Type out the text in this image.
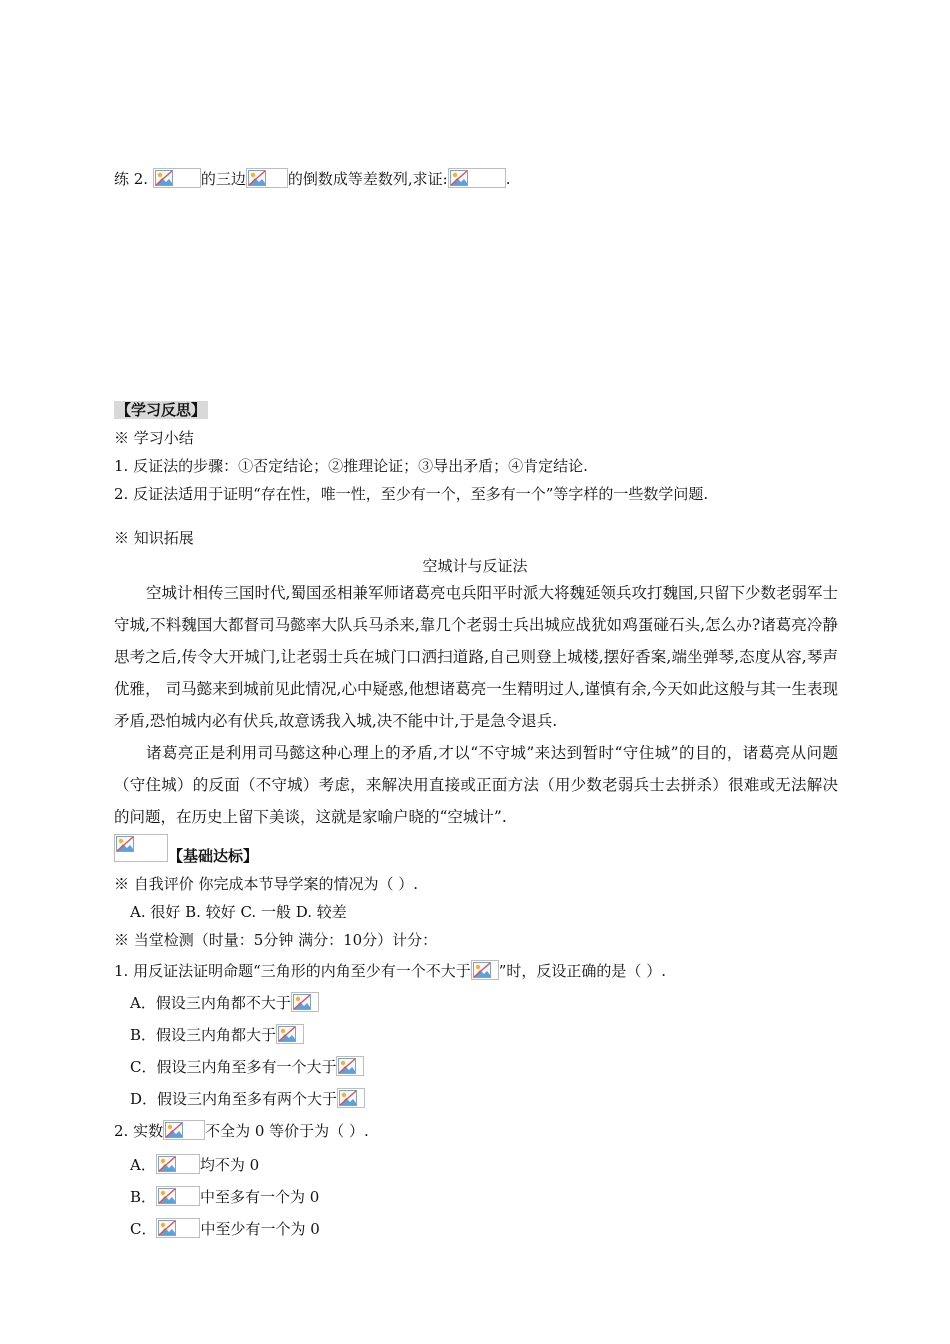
练 2.	的三边	的倒数成等差数列,求证:	.
【学习反思】
※ 学习小结
1. 反证法的步骤：①否定结论；②推理论证；③导出矛盾；④肯定结论.
2. 反证法适用于证明“存在性，唯一性，至少有一个，至多有一个”等字样的一些数学问题.
※ 知识拓展
空城计与反证法
空城计相传三国时代,蜀国丞相兼军师诸葛亮屯兵阳平时派大将魏延领兵攻打魏国,只留下少数老弱军士守城,不料魏国大都督司马懿率大队兵马杀来,靠几个老弱士兵出城应战犹如鸡蛋碰石头,怎么办?诸葛亮冷静思考之后,传令大开城门,让老弱士兵在城门口洒扫道路,自己则登上城楼,摆好香案,端坐弹琴,态度从容,琴声优雅， 司马懿来到城前见此情况,心中疑惑,他想诸葛亮一生精明过人,谨慎有余,今天如此这般与其一生表现矛盾,恐怕城内必有伏兵,故意诱我入城,决不能中计,于是急令退兵.
诸葛亮正是利用司马懿这种心理上的矛盾,才以“不守城”来达到暂时“守住城”的目的，诸葛亮从问题（守住城）的反面（不守城）考虑，来解决用直接或正面方法（用少数老弱兵士去拼杀）很难或无法解决的问题，在历史上留下美谈，这就是家喻户晓的“空城计”.
【基础达标】
※ 自我评价 你完成本节导学案的情况为（ ）.
A. 很好 B. 较好 C. 一般 D. 较差
※ 当堂检测（时量：5分钟 满分：10分）计分：
1. 用反证法证明命题“三角形的内角至少有一个不大于 ”时，反设正确的是（ ）.
A．假设三内角都不大于
B．假设三内角都大于
C．假设三内角至多有一个大于
D．假设三内角至多有两个大于
2. 实数	不全为 0 等价于为（ ）.
A．	均不为 0
B．	中至多有一个为 0
C．	中至少有一个为 0
